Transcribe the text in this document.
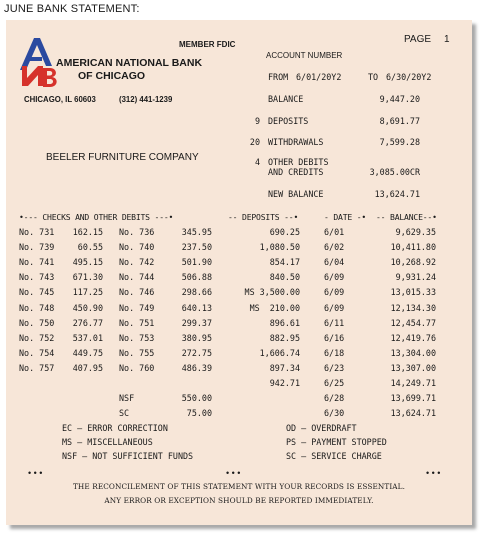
JUNE BANK STATEMENT:
MEMBER FDIC
AMERICAN NATIONAL BANK
OF CHICAGO
CHICAGO, IL 60603	(312) 441-1239
PAGE 1
BEELER FURNITURE COMPANY
ACCOUNT NUMBER
FROM 6/01/20Y2	TO 6/30/20Y2
BALANCE	9,447.20
9 DEPOSITS	8,691.77
20 WITHDRAWALS	7,599.28
4 OTHER DEBITS
AND CREDITS	3,085.00CR
NEW BALANCE	13,624.71
•--- CHECKS AND OTHER DEBITS ---•	-- DEPOSITS --•	- DATE -• -- BALANCE--•
No. 731	162.15 No. 736	345.95	690.25	6/01	9,629.35
No. 739	60.55 No. 740	237.50	1,080.50	6/02	10,411.80
No. 741	495.15 No. 742	501.90	854.17	6/04	10,268.92
No. 743	671.30 No. 744	506.88	840.50	6/09	9,931.24
No. 745	117.25 No. 746	298.66	MS 3,500.00	6/09	13,015.33
No. 748	450.90 No. 749	640.13	MS  210.00	6/09	12,134.30
No. 750	276.77 No. 751	299.37	896.61	6/11	12,454.77
No. 752	537.01 No. 753	380.95	882.95	6/16	12,419.76
No. 754	449.75 No. 755	272.75	1,606.74	6/18	13,304.00
No. 757	407.95 No. 760	486.39	897.34	6/23	13,307.00
942.71	6/25	14,249.71
NSF	550.00	6/28	13,699.71
SC	75.00	6/30	13,624.71
EC — ERROR CORRECTION
MS — MISCELLANEOUS
NSF — NOT SUFFICIENT FUNDS
OD — OVERDRAFT
PS — PAYMENT STOPPED
SC — SERVICE CHARGE
• • •	• • •	• • •
THE RECONCILEMENT OF THIS STATEMENT WITH YOUR RECORDS IS ESSENTIAL.
ANY ERROR OR EXCEPTION SHOULD BE REPORTED IMMEDIATELY.
